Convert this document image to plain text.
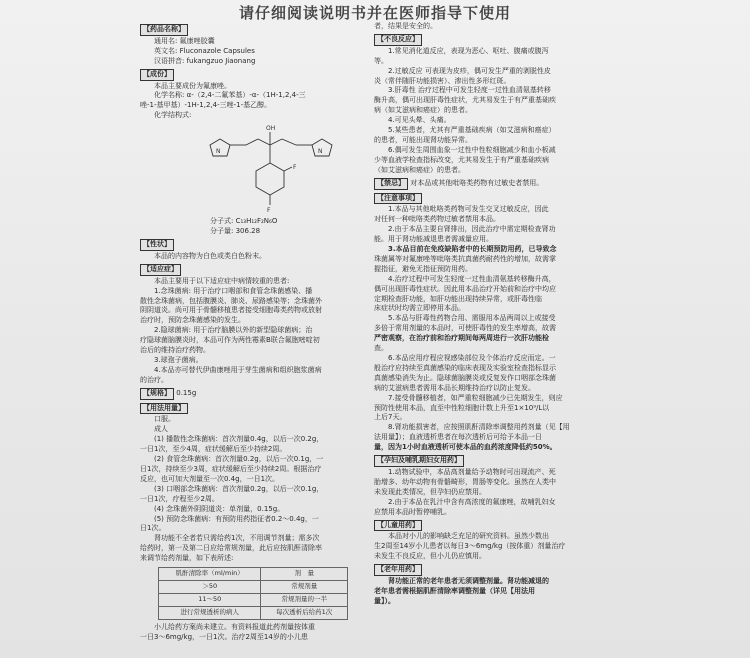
请仔细阅读说明书并在医师指导下使用
【药品名称】

通用名: 氟康唑胶囊

英文名: Fluconazole Capsules

汉语拼音: fukangzuo Jiaonang

【成份】

本品主要成份为氟康唑。

化学名称: α-（2,4-二氟苯基）-α-（1H-1,2,4-三

唑-1-基甲基）-1H-1,2,4-三唑-1-基乙醇。

化学结构式:

OH
F
F
N	N

分子式: C₁₃H₁₂F₂N₆O

分子量: 306.28

【性状】

本品的内容物为白色或类白色粉末。

【适应症】

本品主要用于以下适应症中病情较重的患者:

1.念珠菌病: 用于治疗口咽部和食管念珠菌感染、播

散性念珠菌病，包括腹膜炎、肺炎、尿路感染等；念珠菌外

阴阴道炎。尚可用于骨髓移植患者接受细胞毒类药物或放射

治疗时，预防念珠菌感染的发生。

2.隐球菌病: 用于治疗脑膜以外的新型隐球菌病；治

疗隐球菌脑膜炎时，本品可作为两性霉素B联合氟胞嘧啶初

治后的维持治疗药物。

3.球孢子菌病。

4.本品亦可替代伊曲康唑用于芽生菌病和组织胞浆菌病

的治疗。

【规格】 0.15g
【用法用量】

口服。

成人

(1) 播散性念珠菌病：首次剂量0.4g，以后一次0.2g，

一日1次，至少4周，症状缓解后至少持续2周。

(2) 食管念珠菌病：首次剂量0.2g，以后一次0.1g，一

日1次，持续至少3周，症状缓解后至少持续2周。根据治疗

反应，也可加大剂量至一次0.4g，一日1次。

(3) 口咽部念珠菌病：首次剂量0.2g，以后一次0.1g，

一日1次，疗程至少2周。

(4) 念珠菌外阴阴道炎：单剂量，0.15g。

(5) 预防念珠菌病：有预防用药指征者0.2～0.4g，一

日1次。

肾功能不全者若只需给药1次，不用调节剂量；需多次

给药时，第一及第二日应给常规剂量，此后应按肌酐清除率

来调节给药剂量，如下表所述:

肌酐清除率（ml/min）	剂　量
＞50	常规剂量
11～50	常规剂量的一半
进行常规透析的病人	每次透析后给药1次

小儿给药方案尚未建立。有资料报道此药剂量按体重

一日3～6mg/kg，一日1次。治疗2周至14岁的小儿患

者，结果是安全的。

【不良反应】

1.常见消化道反应，表现为恶心、呕吐、腹痛或腹泻

等。

2.过敏反应 可表现为皮疹，偶可发生严重的剥脱性皮

炎（常伴随肝功能损害）、渗出性多形红斑。

3.肝毒性 治疗过程中可发生轻度一过性血清氨基转移

酶升高，偶可出现肝毒性症状，尤其易发生于有严重基础疾

病（如艾滋病和癌症）的患者。

4.可见头晕、头痛。

5.某些患者，尤其有严重基础疾病（如艾滋病和癌症）

的患者，可能出现肾功能异常。

6.偶可发生周围血象一过性中性粒细胞减少和血小板减

少等血液学检查指标改变，尤其易发生于有严重基础疾病

（如艾滋病和癌症）的患者。

【禁忌】 对本品或其他吡咯类药物有过敏史者禁用。
【注意事项】

1.本品与其他吡咯类药物可发生交叉过敏反应，因此

对任何一种吡咯类药物过敏者禁用本品。

2.由于本品主要自肾排出，因此治疗中需定期检查肾功

能。用于肾功能减退患者需减量应用。

3.本品目前在免疫缺陷者中的长期预防用药，已导致念

珠菌属等对氟康唑等吡咯类抗真菌药耐药性的增加，故需掌

握指征，避免无指征预防用药。

4.治疗过程中可发生轻度一过性血清氨基转移酶升高，

偶可出现肝毒性症状。因此用本品治疗开始前和治疗中均应

定期检查肝功能，如肝功能出现持续异常，或肝毒性临

床症状时均需立即停用本品。

5.本品与肝毒性药物合用、需服用本品两周以上或接受

多倍于常用剂量的本品时，可使肝毒性的发生率增高，故需

严密观察，在治疗前和治疗期间每两周进行一次肝功能检

查。

6.本品应用疗程应视感染部位及个体治疗反应而定。一

般治疗应持续至真菌感染的临床表现及实验室检查指标显示

真菌感染消失为止。隐球菌脑膜炎或反复发作口咽部念珠菌

病的艾滋病患者需用本品长期维持治疗以防止复发。

7.接受骨髓移植者，如严重粒细胞减少已先期发生，则应

预防性使用本品，直至中性粒细胞计数上升至1×10⁹/L以

上后7天。

8.肾功能损害者，应按照肌酐清除率调整用药剂量（见【用

法用量】）；血液透析患者在每次透析后可给予本品一日

量，因为1小时血液透析可使本品的血药浓度降低约50%。

【孕妇及哺乳期妇女用药】

1.动物试验中，本品高剂量给予动物时可出现流产、死

胎增多、幼年动物有骨骼畸形，胃肠等变化。虽然在人类中

未发现此类情况，但孕妇仍应禁用。

2.由于本品在乳汁中含有高浓度的氟康唑，故哺乳妇女

应禁用本品时暂停哺乳。

【儿童用药】

本品对小儿的影响缺乏充足的研究资料。虽然少数出

生2周至14岁小儿患者以每日3～6mg/kg（按体重）剂量治疗

未发生不良反应，但小儿仍应慎用。

【老年用药】

肾功能正常的老年患者无须调整剂量。肾功能减退的

老年患者需根据肌酐清除率调整剂量（详见【用法用

量】）。
